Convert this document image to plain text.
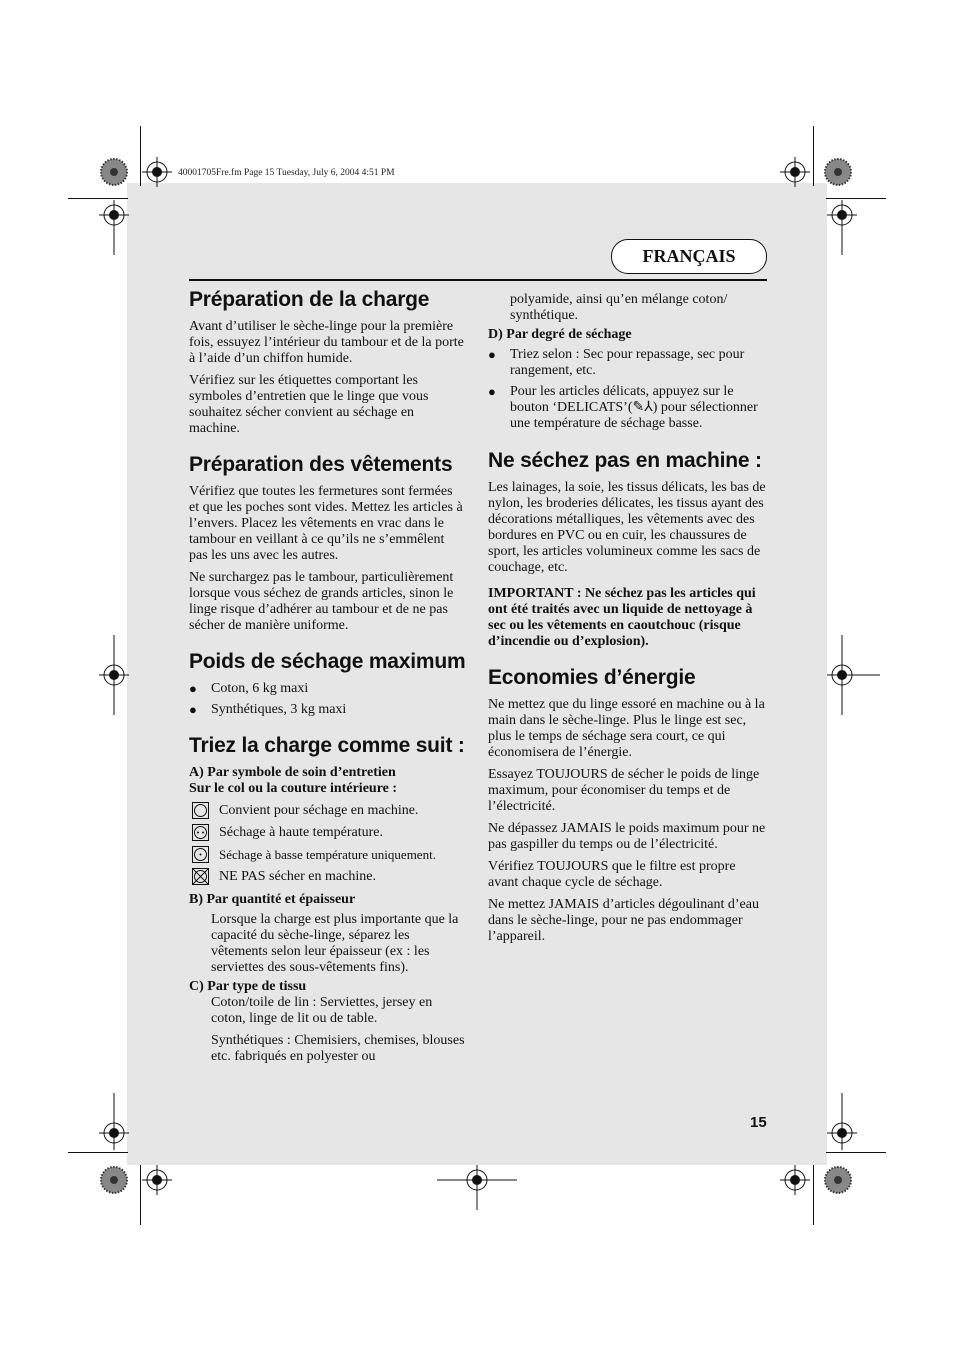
40001705Fre.fm Page 15 Tuesday, July 6, 2004 4:51 PM
FRANÇAIS
Préparation de la charge

Avant d’utiliser le sèche-linge pour la première fois, essuyez l’intérieur du tambour et de la porte à l’aide d’un chiffon humide.

Vérifiez sur les étiquettes comportant les symboles d’entretien que le linge que vous souhaitez sécher convient au séchage en machine.

Préparation des vêtements

Vérifiez que toutes les fermetures sont fermées et que les poches sont vides. Mettez les articles à l’envers. Placez les vêtements en vrac dans le tambour en veillant à ce qu’ils ne s’emmêlent pas les uns avec les autres.

Ne surchargez pas le tambour, particulièrement lorsque vous séchez de grands articles, sinon le linge risque d’adhérer au tambour et de ne pas sécher de manière uniforme.

Poids de séchage maximum
●	Coton, 6 kg maxi
●	Synthétiques, 3 kg maxi
Triez la charge comme suit :
A) Par symbole de soin d’entretien
Sur le col ou la couture intérieure :
Convient pour séchage en machine.
Séchage à haute température.
Séchage à basse température uniquement.
NE PAS sécher en machine.
B) Par quantité et épaisseur

Lorsque la charge est plus importante que la capacité du sèche-linge, séparez les vêtements selon leur épaisseur (ex : les serviettes des sous-vêtements fins).

C) Par type de tissu

Coton/toile de lin : Serviettes, jersey en coton, linge de lit ou de table.

Synthétiques : Chemisiers, chemises, blouses etc. fabriqués en polyester ou

polyamide, ainsi qu’en mélange coton/ synthétique.

D) Par degré de séchage
●	Triez selon : Sec pour repassage, sec pour rangement, etc.
●	Pour les articles délicats, appuyez sur le bouton ‘DELICATS’(✎⅄) pour sélectionner une température de séchage basse.
Ne séchez pas en machine :

Les lainages, la soie, les tissus délicats, les bas de nylon, les broderies délicates, les tissus ayant des décorations métalliques, les vêtements avec des bordures en PVC ou en cuir, les chaussures de sport, les articles volumineux comme les sacs de couchage, etc.

IMPORTANT : Ne séchez pas les articles qui ont été traités avec un liquide de nettoyage à sec ou les vêtements en caoutchouc (risque d’incendie ou d’explosion).

Economies d’énergie

Ne mettez que du linge essoré en machine ou à la main dans le sèche-linge. Plus le linge est sec, plus le temps de séchage sera court, ce qui économisera de l’énergie.

Essayez TOUJOURS de sécher le poids de linge maximum, pour économiser du temps et de l’électricité.

Ne dépassez JAMAIS le poids maximum pour ne pas gaspiller du temps ou de l’électricité.

Vérifiez TOUJOURS que le filtre est propre avant chaque cycle de séchage.

Ne mettez JAMAIS d’articles dégoulinant d’eau dans le sèche-linge, pour ne pas endommager l’appareil.

15
